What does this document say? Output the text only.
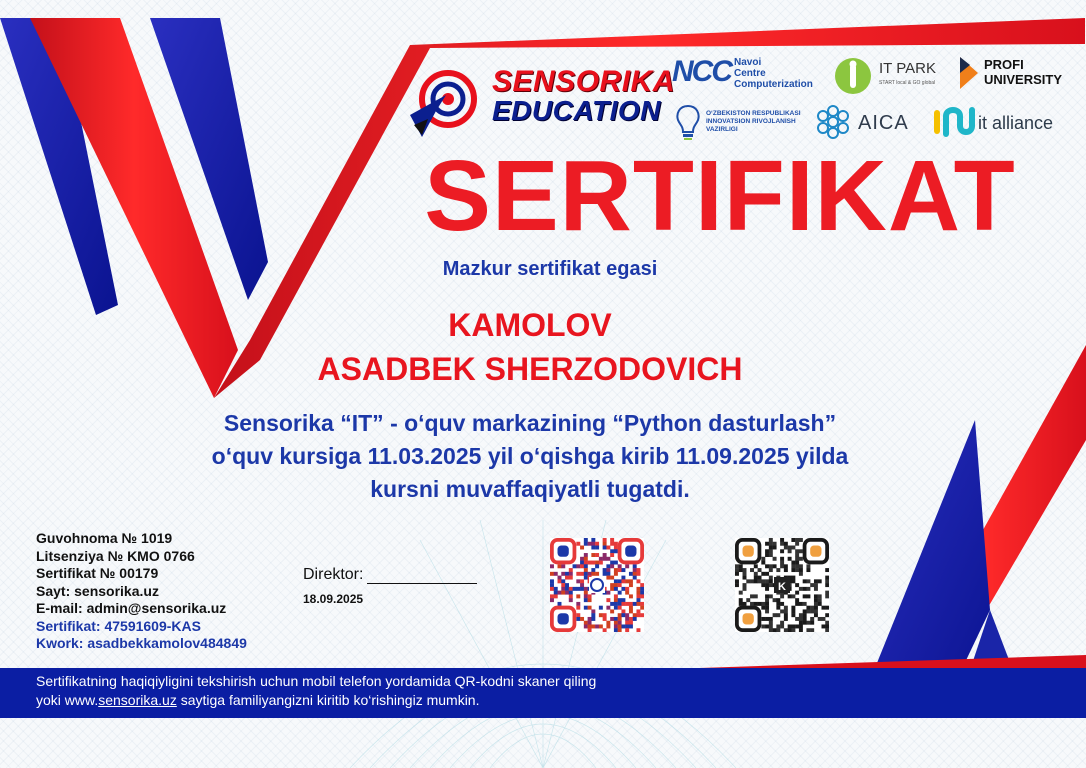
SENSORIKA
EDUCATION
NCC Navoi
Centre
Computerization
IT PARK
START local & GO global
PROFI
UNIVERSITY
O‘ZBEKISTON RESPUBLIKASI
INNOVATSION RIVOJLANISH
VAZIRLIGI	AICA	it alliance
SERTIFIKAT
Mazkur sertifikat egasi
KAMOLOV
ASADBEK SHERZODOVICH
Sensorika “IT” - o‘quv markazining “Python dasturlash”
o‘quv kursiga 11.03.2025 yil o‘qishga kirib 11.09.2025 yilda
kursni muvaffaqiyatli tugatdi.
Guvohnoma № 1019
Litsenziya № KMO 0766
Sertifikat № 00179
Sayt: sensorika.uz
E-mail: admin@sensorika.uz
Sertifikat: 47591609-KAS
Kwork: asadbekkamolov484849
Direktor:
18.09.2025
K
Sertifikatning haqiqiyligini tekshirish uchun mobil telefon yordamida QR-kodni skaner qiling
yoki www.sensorika.uz saytiga familiyangizni kiritib ko‘rishingiz mumkin.
